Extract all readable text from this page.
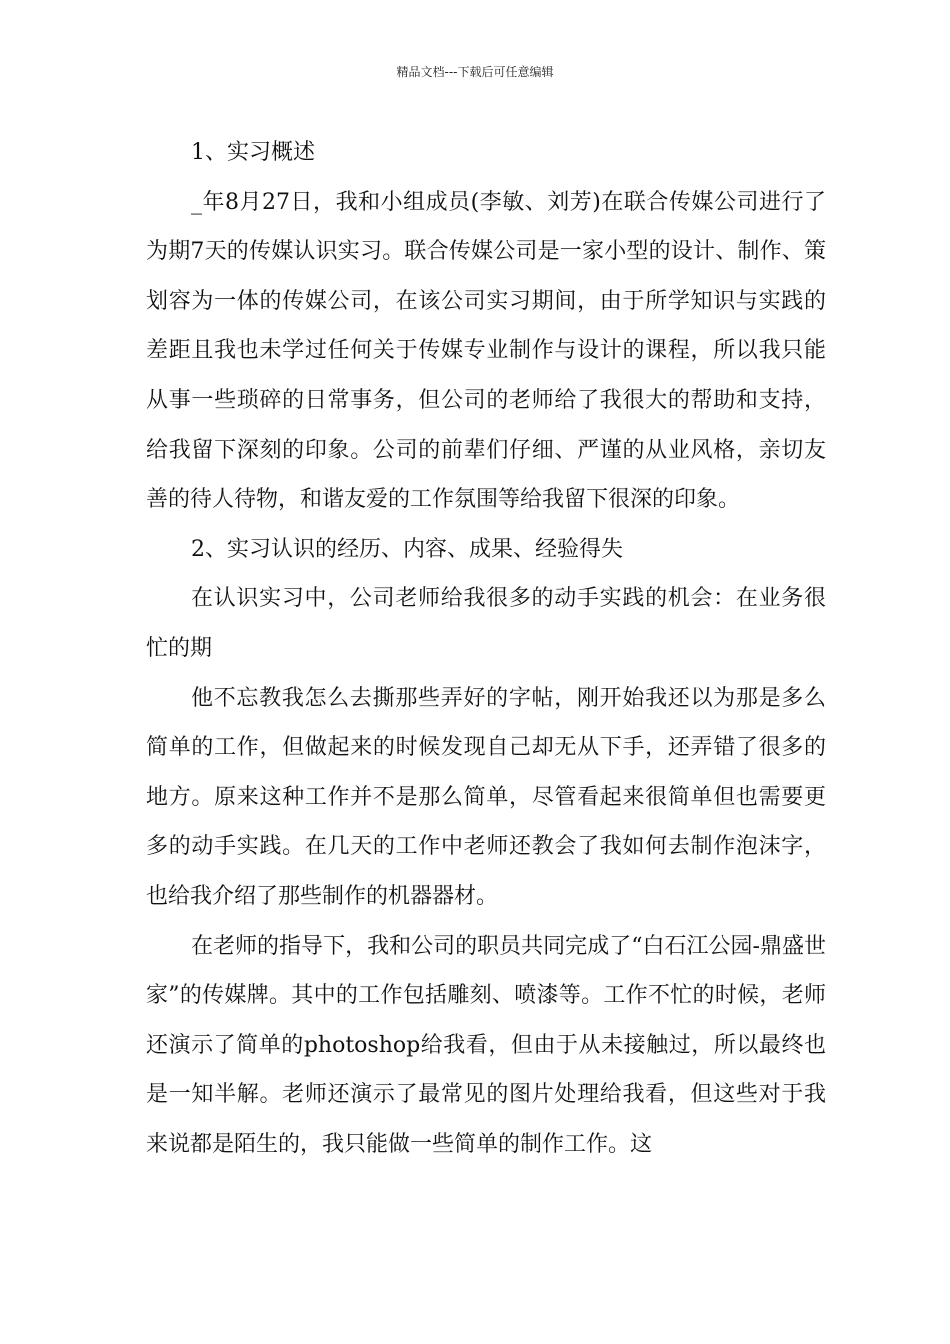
精品文档---下载后可任意编辑

1、实习概述

_年8月27日，我和小组成员(李敏、刘芳)在联合传媒公司进行了为期7天的传媒认识实习。联合传媒公司是一家小型的设计、制作、策划容为一体的传媒公司，在该公司实习期间，由于所学知识与实践的差距且我也未学过任何关于传媒专业制作与设计的课程，所以我只能从事一些琐碎的日常事务，但公司的老师给了我很大的帮助和支持，给我留下深刻的印象。公司的前辈们仔细、严谨的从业风格，亲切友善的待人待物，和谐友爱的工作氛围等给我留下很深的印象。

2、实习认识的经历、内容、成果、经验得失

在认识实习中，公司老师给我很多的动手实践的机会：在业务很忙的期

他不忘教我怎么去撕那些弄好的字帖，刚开始我还以为那是多么简单的工作，但做起来的时候发现自己却无从下手，还弄错了很多的地方。原来这种工作并不是那么简单，尽管看起来很简单但也需要更多的动手实践。在几天的工作中老师还教会了我如何去制作泡沫字，也给我介绍了那些制作的机器器材。

在老师的指导下，我和公司的职员共同完成了“白石江公园-鼎盛世家”的传媒牌。其中的工作包括雕刻、喷漆等。工作不忙的时候，老师还演示了简单的photoshop给我看，但由于从未接触过，所以最终也是一知半解。老师还演示了最常见的图片处理给我看，但这些对于我来说都是陌生的，我只能做一些简单的制作工作。这
